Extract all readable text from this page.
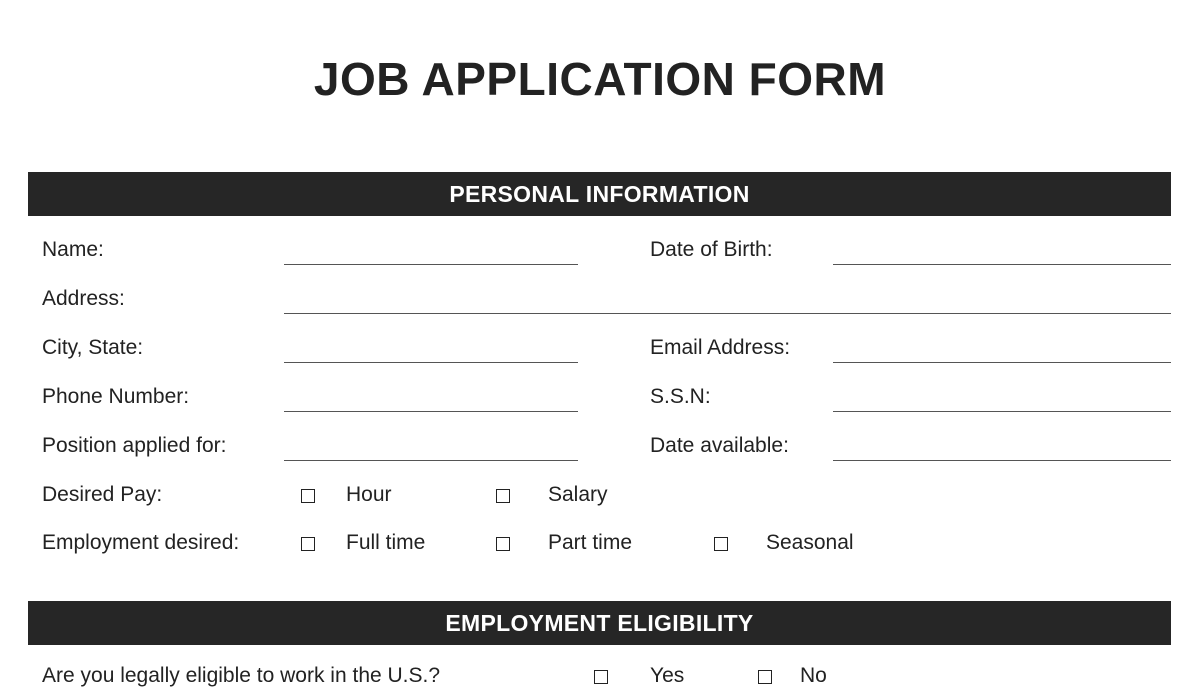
JOB APPLICATION FORM
PERSONAL INFORMATION
Name:	Date of Birth:
Address:
City, State:	Email Address:
Phone Number:	S.S.N:
Position applied for:	Date available:
Desired Pay:	Hour	Salary
Employment desired:	Full time	Part time	Seasonal
EMPLOYMENT ELIGIBILITY
Are you legally eligible to work in the U.S.?	Yes	No
